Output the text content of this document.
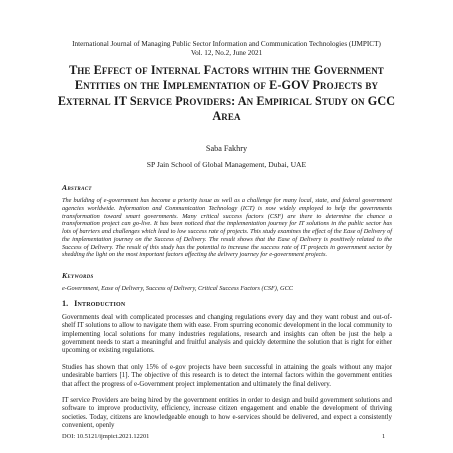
International Journal of Managing Public Sector Information and Communication Technologies (IJMPICT)
Vol. 12, No.2, June 2021
The Effect of Internal Factors within the Government Entities on the Implementation of E-GOV Projects by External IT Service Providers: An Empirical Study on GCC Area
Saba Fakhry
SP Jain School of Global Management, Dubai, UAE
Abstract
The building of e-government has become a priority issue as well as a challenge for many local, state, and federal government agencies worldwide. Information and Communication Technology (ICT) is now widely employed to help the governments transformation toward smart governments. Many critical success factors (CSF) are there to determine the chance a transformation project can go-live. It has been noticed that the implementation journey for IT solutions in the public sector has lots of barriers and challenges which lead to low success rate of projects. This study examines the effect of the Ease of Delivery of the implementation journey on the Success of Delivery. The result shows that the Ease of Delivery is positively related to the Success of Delivery. The result of this study has the potential to increase the success rate of IT projects in government sector by shedding the light on the most important factors affecting the delivery journey for e-government projects.
Keywords
e-Government, Ease of Delivery, Success of Delivery, Critical Success Factors (CSF), GCC
1. Introduction
Governments deal with complicated processes and changing regulations every day and they want robust and out-of-shelf IT solutions to allow to navigate them with ease. From spurring economic development in the local community to implementing local solutions for many industries regulations, research and insights can often be just the help a government needs to start a meaningful and fruitful analysis and quickly determine the solution that is right for either upcoming or existing regulations.
Studies has shown that only 15% of e-gov projects have been successful in attaining the goals without any major undesirable barriers [1]. The objective of this research is to detect the internal factors within the government entities that affect the progress of e-Government project implementation and ultimately the final delivery.
IT service Providers are being hired by the government entities in order to design and build government solutions and software to improve productivity, efficiency, increase citizen engagement and enable the development of thriving societies. Today, citizens are knowledgeable enough to how e-services should be delivered, and expect a consistently convenient, openly
DOI: 10.5121/ijmpict.2021.12201	1
